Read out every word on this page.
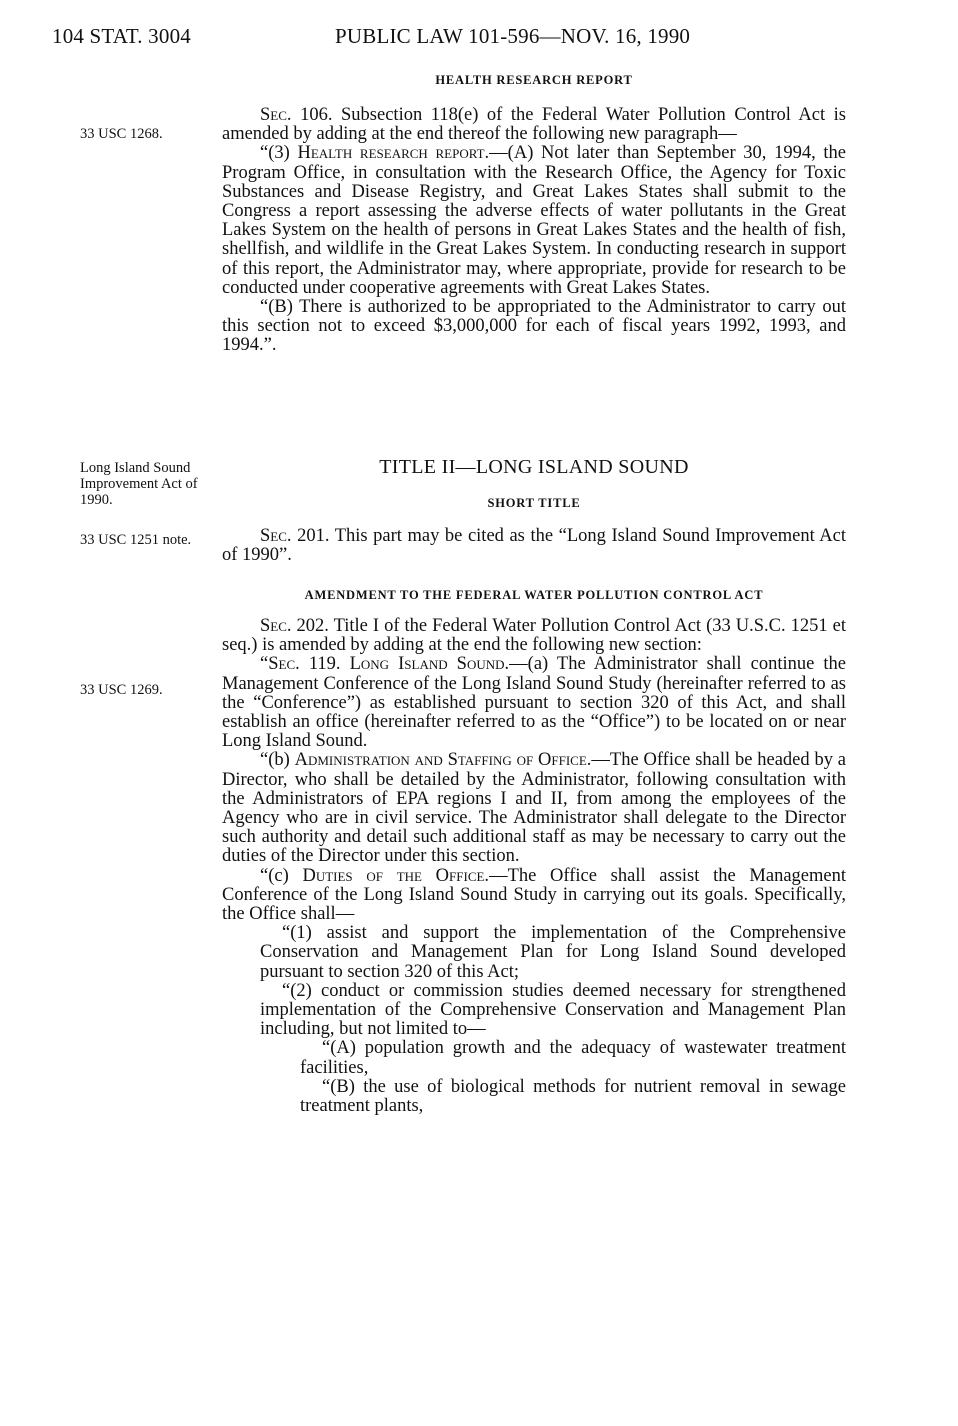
104 STAT. 3004	PUBLIC LAW 101-596—NOV. 16, 1990
33 USC 1268.
Long Island Sound Improvement Act of 1990.
33 USC 1251 note.
33 USC 1269.
HEALTH RESEARCH REPORT

Sec. 106. Subsection 118(e) of the Federal Water Pollution Control Act is amended by adding at the end thereof the following new paragraph—

“(3) Health research report.—(A) Not later than September 30, 1994, the Program Office, in consultation with the Research Office, the Agency for Toxic Substances and Disease Registry, and Great Lakes States shall submit to the Congress a report assessing the adverse effects of water pollutants in the Great Lakes System on the health of persons in Great Lakes States and the health of fish, shellfish, and wildlife in the Great Lakes System. In conducting research in support of this report, the Administrator may, where appropriate, provide for research to be conducted under cooperative agreements with Great Lakes States.

“(B) There is authorized to be appropriated to the Administrator to carry out this section not to exceed $3,000,000 for each of fiscal years 1992, 1993, and 1994.”.

TITLE II—LONG ISLAND SOUND
SHORT TITLE

Sec. 201. This part may be cited as the “Long Island Sound Improvement Act of 1990”.

AMENDMENT TO THE FEDERAL WATER POLLUTION CONTROL ACT

Sec. 202. Title I of the Federal Water Pollution Control Act (33 U.S.C. 1251 et seq.) is amended by adding at the end the following new section:

“Sec. 119. Long Island Sound.—(a) The Administrator shall continue the Management Conference of the Long Island Sound Study (hereinafter referred to as the “Conference”) as established pursuant to section 320 of this Act, and shall establish an office (hereinafter referred to as the “Office”) to be located on or near Long Island Sound.

“(b) Administration and Staffing of Office.—The Office shall be headed by a Director, who shall be detailed by the Administrator, following consultation with the Administrators of EPA regions I and II, from among the employees of the Agency who are in civil service. The Administrator shall delegate to the Director such authority and detail such additional staff as may be necessary to carry out the duties of the Director under this section.

“(c) Duties of the Office.—The Office shall assist the Management Conference of the Long Island Sound Study in carrying out its goals. Specifically, the Office shall—

“(1) assist and support the implementation of the Comprehensive Conservation and Management Plan for Long Island Sound developed pursuant to section 320 of this Act;

“(2) conduct or commission studies deemed necessary for strengthened implementation of the Comprehensive Conservation and Management Plan including, but not limited to—

“(A) population growth and the adequacy of wastewater treatment facilities,

“(B) the use of biological methods for nutrient removal in sewage treatment plants,
